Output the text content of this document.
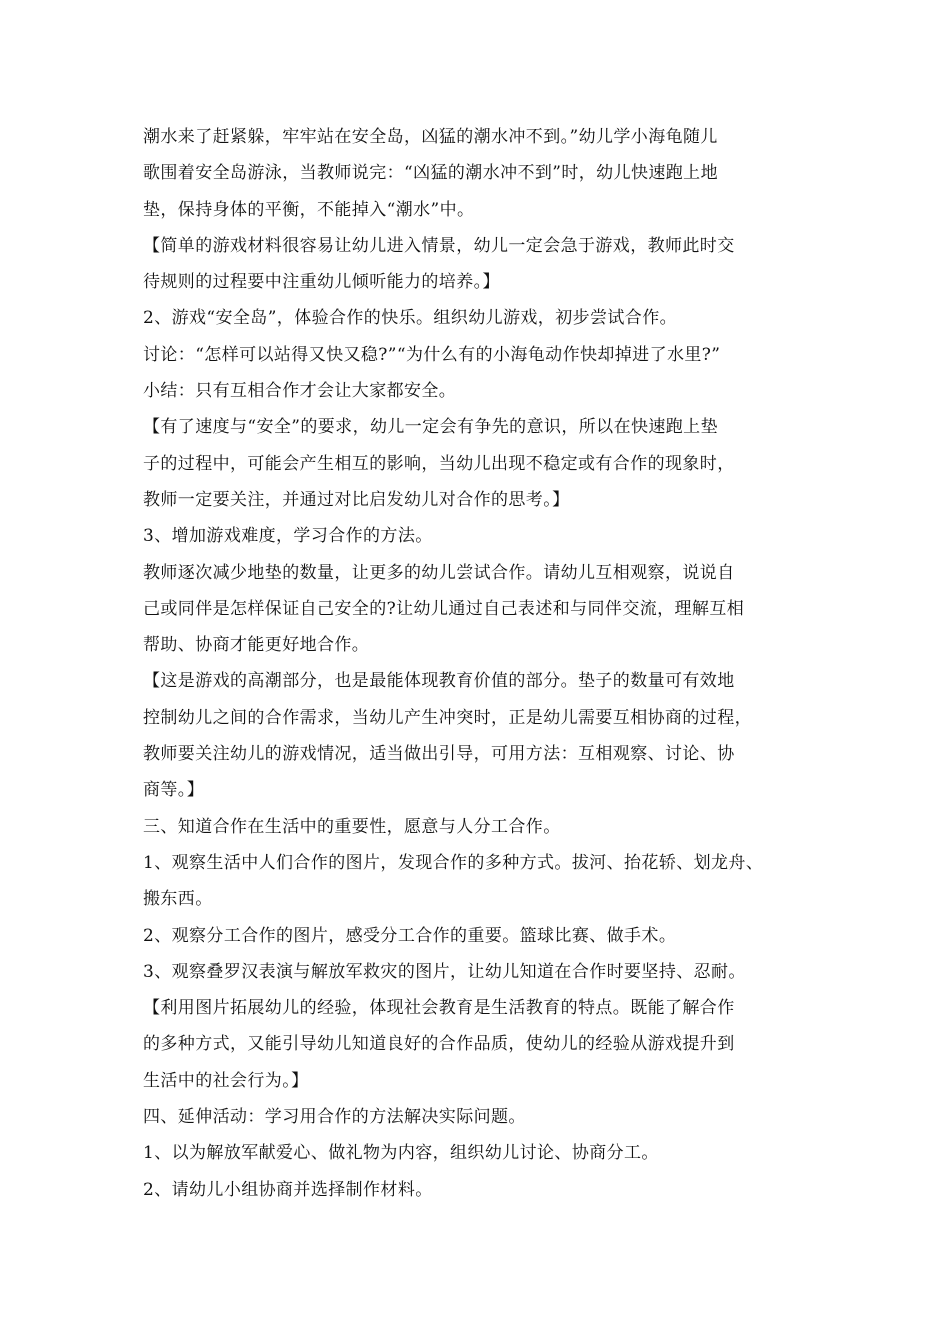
潮水来了赶紧躲，牢牢站在安全岛，凶猛的潮水冲不到。”幼儿学小海龟随儿
歌围着安全岛游泳，当教师说完：“凶猛的潮水冲不到”时，幼儿快速跑上地
垫，保持身体的平衡，不能掉入“潮水”中。
【简单的游戏材料很容易让幼儿进入情景，幼儿一定会急于游戏，教师此时交
待规则的过程要中注重幼儿倾听能力的培养。】
2、游戏“安全岛”，体验合作的快乐。组织幼儿游戏，初步尝试合作。
讨论：“怎样可以站得又快又稳?”“为什么有的小海龟动作快却掉进了水里?”
小结：只有互相合作才会让大家都安全。
【有了速度与“安全”的要求，幼儿一定会有争先的意识，所以在快速跑上垫
子的过程中，可能会产生相互的影响，当幼儿出现不稳定或有合作的现象时，
教师一定要关注，并通过对比启发幼儿对合作的思考。】
3、增加游戏难度，学习合作的方法。
教师逐次减少地垫的数量，让更多的幼儿尝试合作。请幼儿互相观察，说说自
己或同伴是怎样保证自己安全的?让幼儿通过自己表述和与同伴交流，理解互相
帮助、协商才能更好地合作。
【这是游戏的高潮部分，也是最能体现教育价值的部分。垫子的数量可有效地
控制幼儿之间的合作需求，当幼儿产生冲突时，正是幼儿需要互相协商的过程，
教师要关注幼儿的游戏情况，适当做出引导，可用方法：互相观察、讨论、协
商等。】
三、知道合作在生活中的重要性，愿意与人分工合作。
1、观察生活中人们合作的图片，发现合作的多种方式。拔河、抬花轿、划龙舟、
搬东西。
2、观察分工合作的图片，感受分工合作的重要。篮球比赛、做手术。
3、观察叠罗汉表演与解放军救灾的图片，让幼儿知道在合作时要坚持、忍耐。
【利用图片拓展幼儿的经验，体现社会教育是生活教育的特点。既能了解合作
的多种方式，又能引导幼儿知道良好的合作品质，使幼儿的经验从游戏提升到
生活中的社会行为。】
四、延伸活动：学习用合作的方法解决实际问题。
1、以为解放军献爱心、做礼物为内容，组织幼儿讨论、协商分工。
2、请幼儿小组协商并选择制作材料。
